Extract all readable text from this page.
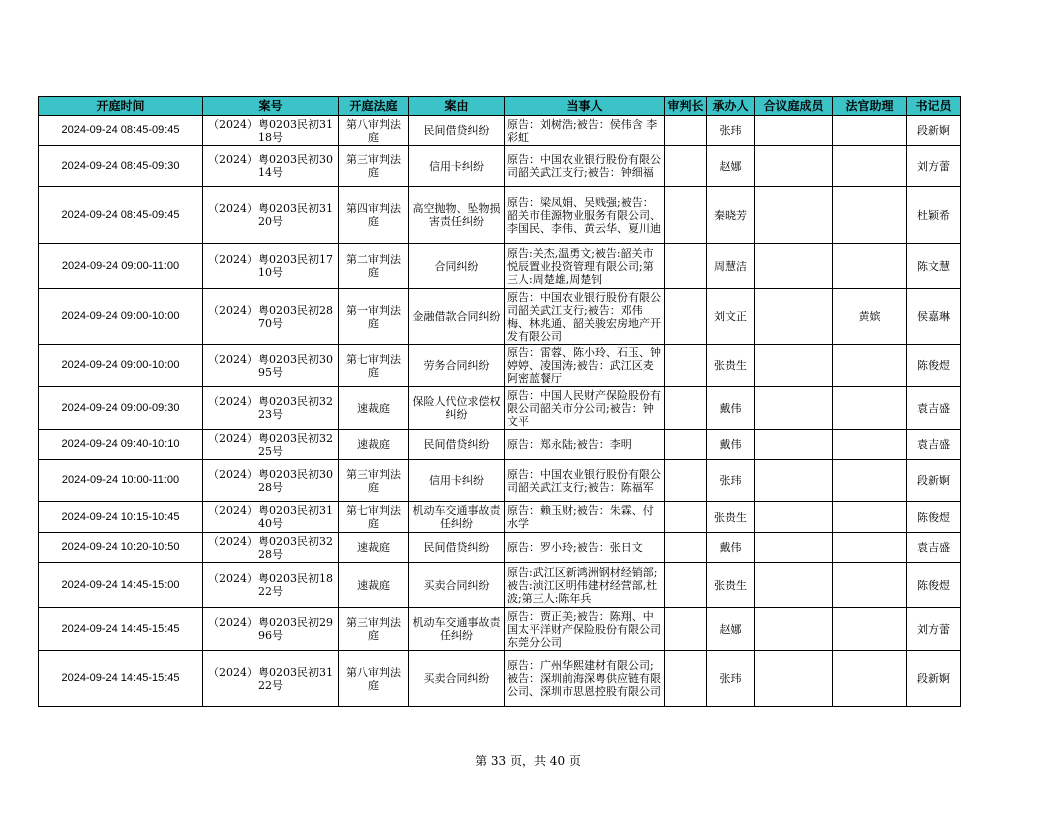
开庭时间	案号	开庭法庭	案由	当事人	审判长	承办人	合议庭成员	法官助理	书记员

2024-09-24 08:45-09:45	（2024）粤0203民初3118号	第八审判法庭	民间借贷纠纷	原告：刘树浩;被告：侯伟含 李彩虹		张玮			段新婀

2024-09-24 08:45-09:30	（2024）粤0203民初3014号	第三审判法庭	信用卡纠纷	原告：中国农业银行股份有限公司韶关武江支行;被告：钟细福		赵娜			刘方蕾

2024-09-24 08:45-09:45	（2024）粤0203民初3120号	第四审判法庭	高空抛物、坠物损害责任纠纷	原告：梁凤娟、吴贱强;被告：韶关市佳源物业服务有限公司、李国民、李伟、黄云华、夏川迪		秦晓芳			杜颖希

2024-09-24 09:00-11:00	（2024）粤0203民初1710号	第二审判法庭	合同纠纷	原告:关杰,温勇文;被告:韶关市悦辰置业投资管理有限公司;第三人:周楚雄,周楚钊		周慧洁			陈文慧

2024-09-24 09:00-10:00	（2024）粤0203民初2870号	第一审判法庭	金融借款合同纠纷	原告：中国农业银行股份有限公司韶关武江支行;被告：邓伟梅、林兆通、韶关骏宏房地产开发有限公司		刘文正		黄嫔	侯嘉琳

2024-09-24 09:00-10:00	（2024）粤0203民初3095号	第七审判法庭	劳务合同纠纷	原告：雷蓉、陈小玲、石玉、钟婷婷、凌国涛;被告：武江区麦阿密蓝餐厅		张贵生			陈俊煜

2024-09-24 09:00-09:30	（2024）粤0203民初3223号	速裁庭	保险人代位求偿权纠纷	原告：中国人民财产保险股份有限公司韶关市分公司;被告：钟文平		戴伟			袁吉盛

2024-09-24 09:40-10:10	（2024）粤0203民初3225号	速裁庭	民间借贷纠纷	原告：郑永陆;被告：李明		戴伟			袁吉盛

2024-09-24 10:00-11:00	（2024）粤0203民初3028号	第三审判法庭	信用卡纠纷	原告：中国农业银行股份有限公司韶关武江支行;被告：陈福军		张玮			段新婀

2024-09-24 10:15-10:45	（2024）粤0203民初3140号	第七审判法庭	机动车交通事故责任纠纷	原告：赖玉财;被告：朱霖、付水学		张贵生			陈俊煜

2024-09-24 10:20-10:50	（2024）粤0203民初3228号	速裁庭	民间借贷纠纷	原告：罗小玲;被告：张日文		戴伟			袁吉盛

2024-09-24 14:45-15:00	（2024）粤0203民初1822号	速裁庭	买卖合同纠纷	原告:武江区新鸿洲钢材经销部;被告:浈江区明伟建材经营部,杜波;第三人:陈年兵		张贵生			陈俊煜

2024-09-24 14:45-15:45	（2024）粤0203民初2996号	第三审判法庭	机动车交通事故责任纠纷	原告：贾正美;被告：陈翔、中国太平洋财产保险股份有限公司东莞分公司		赵娜			刘方蕾

2024-09-24 14:45-15:45	（2024）粤0203民初3122号	第八审判法庭	买卖合同纠纷	原告：广州华熙建材有限公司;被告：深圳前海深粤供应链有限公司、深圳市思恩控股有限公司		张玮			段新婀
第 33 页，共 40 页
